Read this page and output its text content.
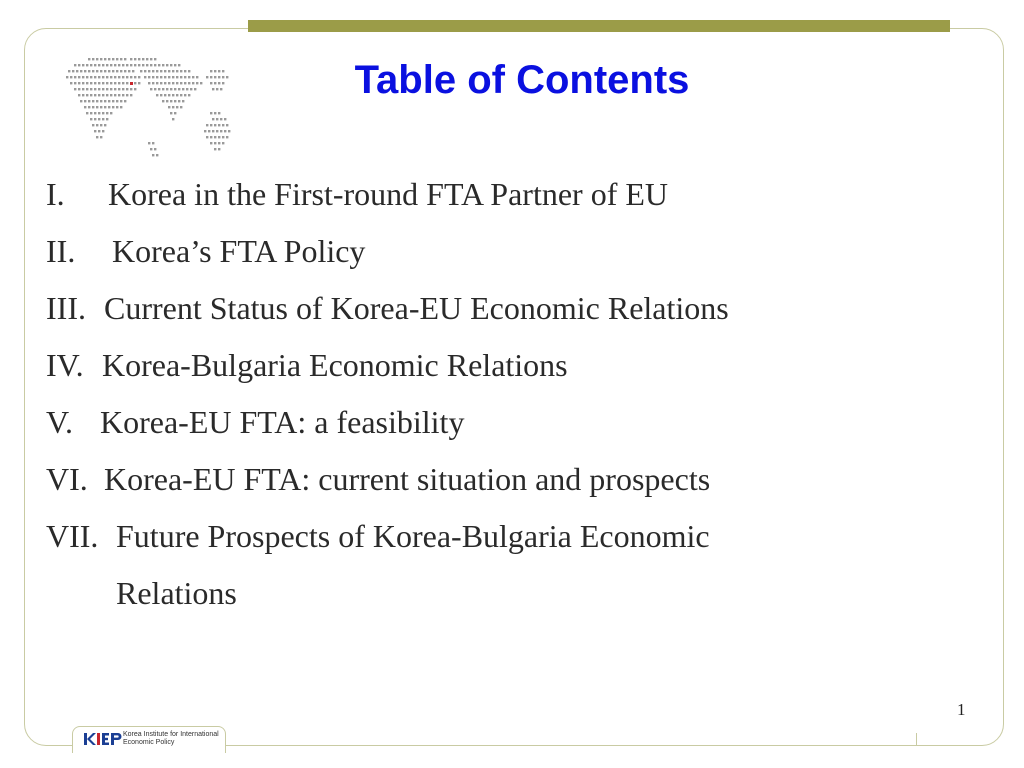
Table of Contents
I. Korea in the First-round FTA Partner of EU
II. Korea’s FTA Policy
III. Current Status of Korea-EU Economic Relations
IV. Korea-Bulgaria Economic Relations
V. Korea-EU FTA: a feasibility
VI. Korea-EU FTA: current situation and prospects
VII. Future Prospects of Korea-Bulgaria Economic
Relations
1
Korea Institute for International
Economic Policy
